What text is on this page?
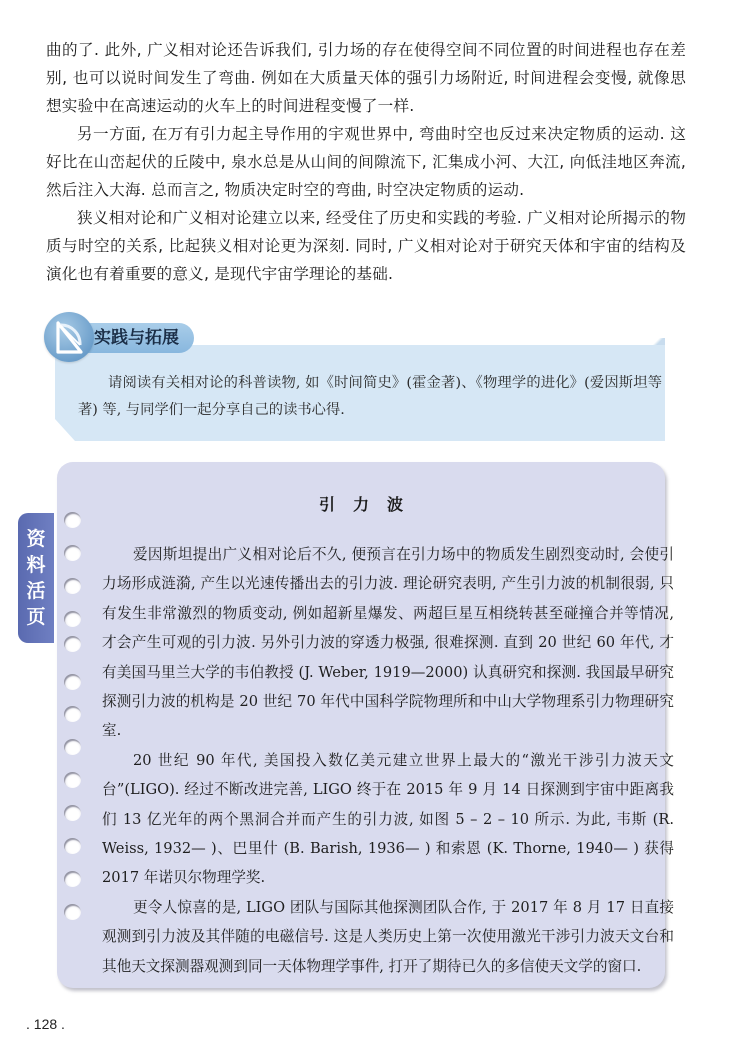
曲的了. 此外, 广义相对论还告诉我们, 引力场的存在使得空间不同位置的时间进程也存在差别, 也可以说时间发生了弯曲. 例如在大质量天体的强引力场附近, 时间进程会变慢, 就像思想实验中在高速运动的火车上的时间进程变慢了一样.

另一方面, 在万有引力起主导作用的宇观世界中, 弯曲时空也反过来决定物质的运动. 这好比在山峦起伏的丘陵中, 泉水总是从山间的间隙流下, 汇集成小河、大江, 向低洼地区奔流, 然后注入大海. 总而言之, 物质决定时空的弯曲, 时空决定物质的运动.

狭义相对论和广义相对论建立以来, 经受住了历史和实践的考验. 广义相对论所揭示的物质与时空的关系, 比起狭义相对论更为深刻. 同时, 广义相对论对于研究天体和宇宙的结构及演化也有着重要的意义, 是现代宇宙学理论的基础.

实践与拓展

请阅读有关相对论的科普读物, 如《时间简史》(霍金著)、《物理学的进化》(爱因斯坦等著) 等, 与同学们一起分享自己的读书心得.

资
料
活
页
引力波

爱因斯坦提出广义相对论后不久, 便预言在引力场中的物质发生剧烈变动时, 会使引力场形成涟漪, 产生以光速传播出去的引力波. 理论研究表明, 产生引力波的机制很弱, 只有发生非常激烈的物质变动, 例如超新星爆发、两超巨星互相绕转甚至碰撞合并等情况, 才会产生可观的引力波. 另外引力波的穿透力极强, 很难探测. 直到 20 世纪 60 年代, 才有美国马里兰大学的韦伯教授 (J. Weber, 1919—2000) 认真研究和探测. 我国最早研究探测引力波的机构是 20 世纪 70 年代中国科学院物理所和中山大学物理系引力物理研究室.

20 世纪 90 年代, 美国投入数亿美元建立世界上最大的“激光干涉引力波天文台”(LIGO). 经过不断改进完善, LIGO 终于在 2015 年 9 月 14 日探测到宇宙中距离我们 13 亿光年的两个黑洞合并而产生的引力波, 如图 5 – 2 – 10 所示. 为此, 韦斯 (R. Weiss, 1932— )、巴里什 (B. Barish, 1936— ) 和索恩 (K. Thorne, 1940— ) 获得 2017 年诺贝尔物理学奖.

更令人惊喜的是, LIGO 团队与国际其他探测团队合作, 于 2017 年 8 月 17 日直接观测到引力波及其伴随的电磁信号. 这是人类历史上第一次使用激光干涉引力波天文台和其他天文探测器观测到同一天体物理学事件, 打开了期待已久的多信使天文学的窗口.

. 128 .
